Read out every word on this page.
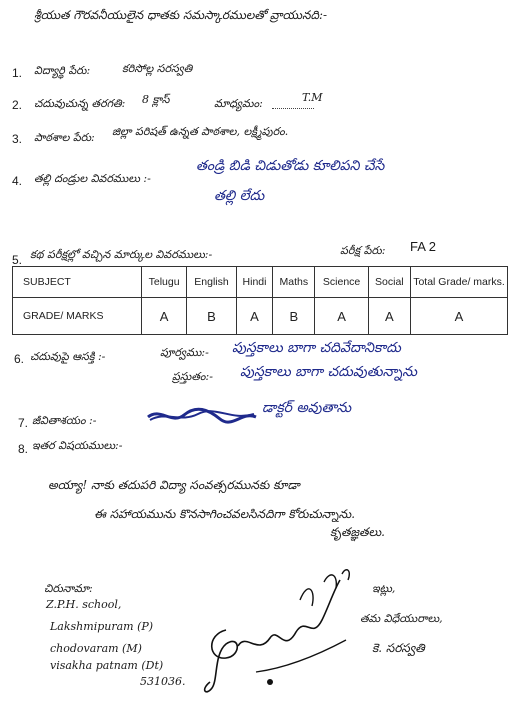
శ్రీయుత గౌరవనీయులైన ధాతకు సమస్కారములతో వ్రాయునది:-
1. విద్యార్థి పేరు:	కరిసోల్ల సరస్వతి
2. చదువుచున్న తరగతి: 8 క్లాస్	మాధ్యమం:	T.M
3. పాఠశాల పేరు: జిల్లా పరిషత్ ఉన్నత పాఠశాల, లక్ష్మీపురం.
4. తల్లి దండ్రుల వివరములు :-
తండ్రి బిడి చిడుతోడు కూలిపని చేసే
తల్లి లేదు
5. కథ పరీక్షల్లో వచ్చిన మార్కుల వివరములు:-	పరీక్ష పేరు: FA 2
SUBJECT	Telugu	English	Hindi	Maths	Science	Social	Total Grade/ marks.
GRADE/ MARKS	A	B	A	B	A	A	A
6. చదువుపై ఆసక్తి :-	పూర్వము:- పుస్తకాలు బాగా చదివేదానికాదు
ప్రస్తుతం:- పుస్తకాలు బాగా చదువుతున్నాను
7. జీవితాశయం :-
డాక్టర్ అవుతాను
8. ఇతర విషయములు:-
అయ్యా! నాకు తదుపరి విద్యా సంవత్సరమునకు కూడా
ఈ సహాయమును కొనసాగించవలసినదిగా కోరుచున్నాను.
కృతజ్ఞతలు.
చిరునామా:
Z.P.H. school,
Lakshmipuram (P)
chodovaram (M)
visakha patnam (Dt)
531036.
ఇట్లు,
తమ విధేయురాలు,
కె. సరస్వతి
